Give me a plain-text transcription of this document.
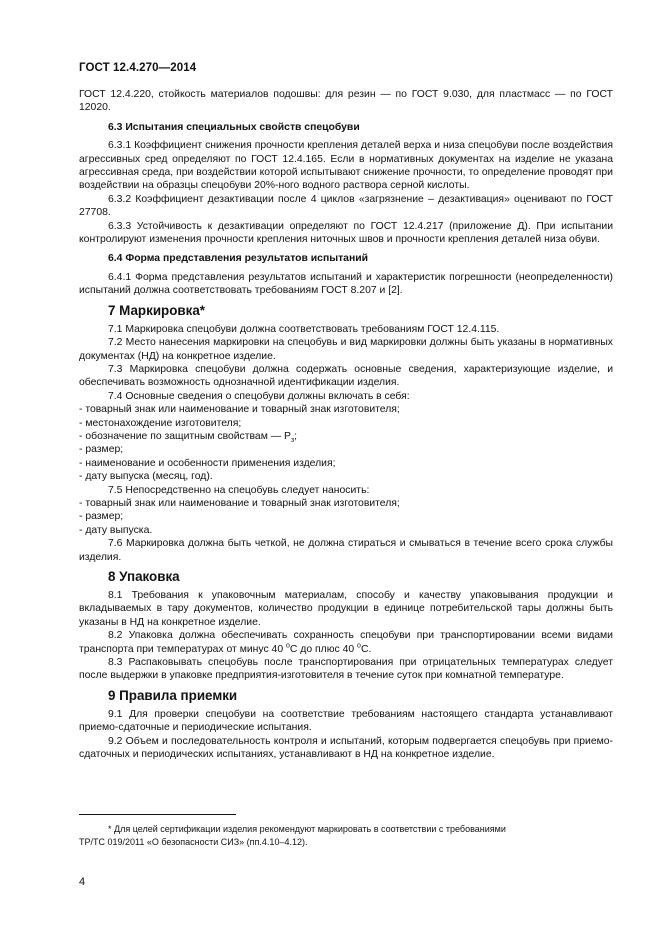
ГОСТ 12.4.270—2014

ГОСТ 12.4.220, стойкость материалов подошвы: для резин — по ГОСТ 9.030, для пластмасс — по ГОСТ 12020.

6.3 Испытания специальных свойств спецобуви

6.3.1 Коэффициент снижения прочности крепления деталей верха и низа спецобуви после воздействия агрессивных сред определяют по ГОСТ 12.4.165. Если в нормативных документах на изделие не указана агрессивная среда, при воздействии которой испытывают снижение прочности, то определение проводят при воздействии на образцы спецобуви 20%-ного водного раствора серной кислоты.

6.3.2 Коэффициент дезактивации после 4 циклов «загрязнение – дезактивация» оценивают по ГОСТ 27708.

6.3.3 Устойчивость к дезактивации определяют по ГОСТ 12.4.217 (приложение Д). При испытании контролируют изменения прочности крепления ниточных швов и прочности крепления деталей низа обуви.

6.4 Форма представления результатов испытаний

6.4.1 Форма представления результатов испытаний и характеристик погрешности (неопределенности) испытаний должна соответствовать требованиям ГОСТ 8.207 и [2].

7 Маркировка*

7.1 Маркировка спецобуви должна соответствовать требованиям ГОСТ 12.4.115.

7.2 Место нанесения маркировки на спецобувь и вид маркировки должны быть указаны в нормативных документах (НД) на конкретное изделие.

7.3 Маркировка спецобуви должна содержать основные сведения, характеризующие изделие, и обеспечивать возможность однозначной идентификации изделия.

7.4 Основные сведения о спецобуви должны включать в себя:

- товарный знак или наименование и товарный знак изготовителя;

- местонахождение изготовителя;

- обозначение по защитным свойствам — $Р_з$;

- размер;

- наименование и особенности применения изделия;

- дату выпуска (месяц, год).

7.5 Непосредственно на спецобувь следует наносить:

- товарный знак или наименование и товарный знак изготовителя;

- размер;

- дату выпуска.

7.6 Маркировка должна быть четкой, не должна стираться и смываться в течение всего срока службы изделия.

8 Упаковка

8.1 Требования к упаковочным материалам, способу и качеству упаковывания продукции и вкладываемых в тару документов, количество продукции в единице потребительской тары должны быть указаны в НД на конкретное изделие.

8.2 Упаковка должна обеспечивать сохранность спецобуви при транспортировании всеми видами транспорта при температурах от минус 40 $^о$С до плюс 40 $^о$С.

8.3 Распаковывать спецобувь после транспортирования при отрицательных температурах следует после выдержки в упаковке предприятия-изготовителя в течение суток при комнатной температуре.

9 Правила приемки

9.1 Для проверки спецобуви на соответствие требованиям настоящего стандарта устанавливают приемо-сдаточные и периодические испытания.

9.2 Объем и последовательность контроля и испытаний, которым подвергается спецобувь при приемо-сдаточных и периодических испытаниях, устанавливают в НД на конкретное изделие.

* Для целей сертификации изделия рекомендуют маркировать в соответствии с требованиями

ТР/ТС 019/2011 «О безопасности СИЗ» (пп.4.10–4.12).

4
